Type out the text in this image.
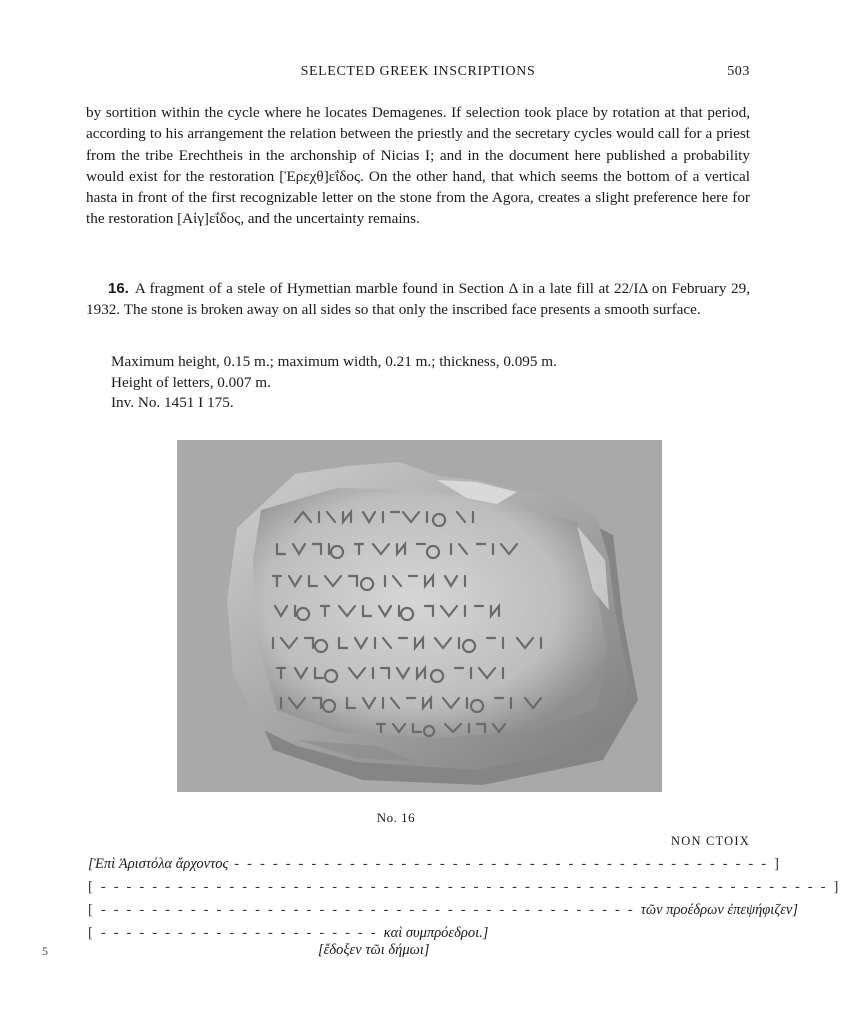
SELECTED GREEK INSCRIPTIONS	503
by sortition within the cycle where he locates Demagenes. If selection took place by rotation at that period, according to his arrangement the relation between the priestly and the secretary cycles would call for a priest from the tribe Erechtheis in the archonship of Nicias I; and in the document here published a probability would exist for the restoration [Ἐρεχθ]εΐδος. On the other hand, that which seems the bottom of a vertical hasta in front of the first recognizable letter on the stone from the Agora, creates a slight preference here for the restoration [Αἰγ]εΐδος, and the uncertainty remains.
16. A fragment of a stele of Hymettian marble found in Section Δ in a late fill at 22/ΙΔ on February 29, 1932. The stone is broken away on all sides so that only the inscribed face presents a smooth surface.
Maximum height, 0.15 m.; maximum width, 0.21 m.; thickness, 0.095 m.
Height of letters, 0.007 m.
Inv. No. 1451 I 175.
No. 16
NON CTOIX
[Ἐπὶ Ἀριστόλα ἄρχοντος - - - - - - - - - - - - - - - - - - - - - - - - - - - - - - - - - - - - - - - - - - ]
[ - - - - - - - - - - - - - - - - - - - - - - - - - - - - - - - - - - - - - - - - - - - - - - - - - - - - - - - - - ]
[ - - - - - - - - - - - - - - - - - - - - - - - - - - - - - - - - - - - - - - - - - - τῶν προέδρων ἐπεψήφιζεν]
[ - - - - - - - - - - - - - - - - - - - - - - καὶ συμπρόεδροι.]
[ἔδοξεν τῶι δήμωι]
5
